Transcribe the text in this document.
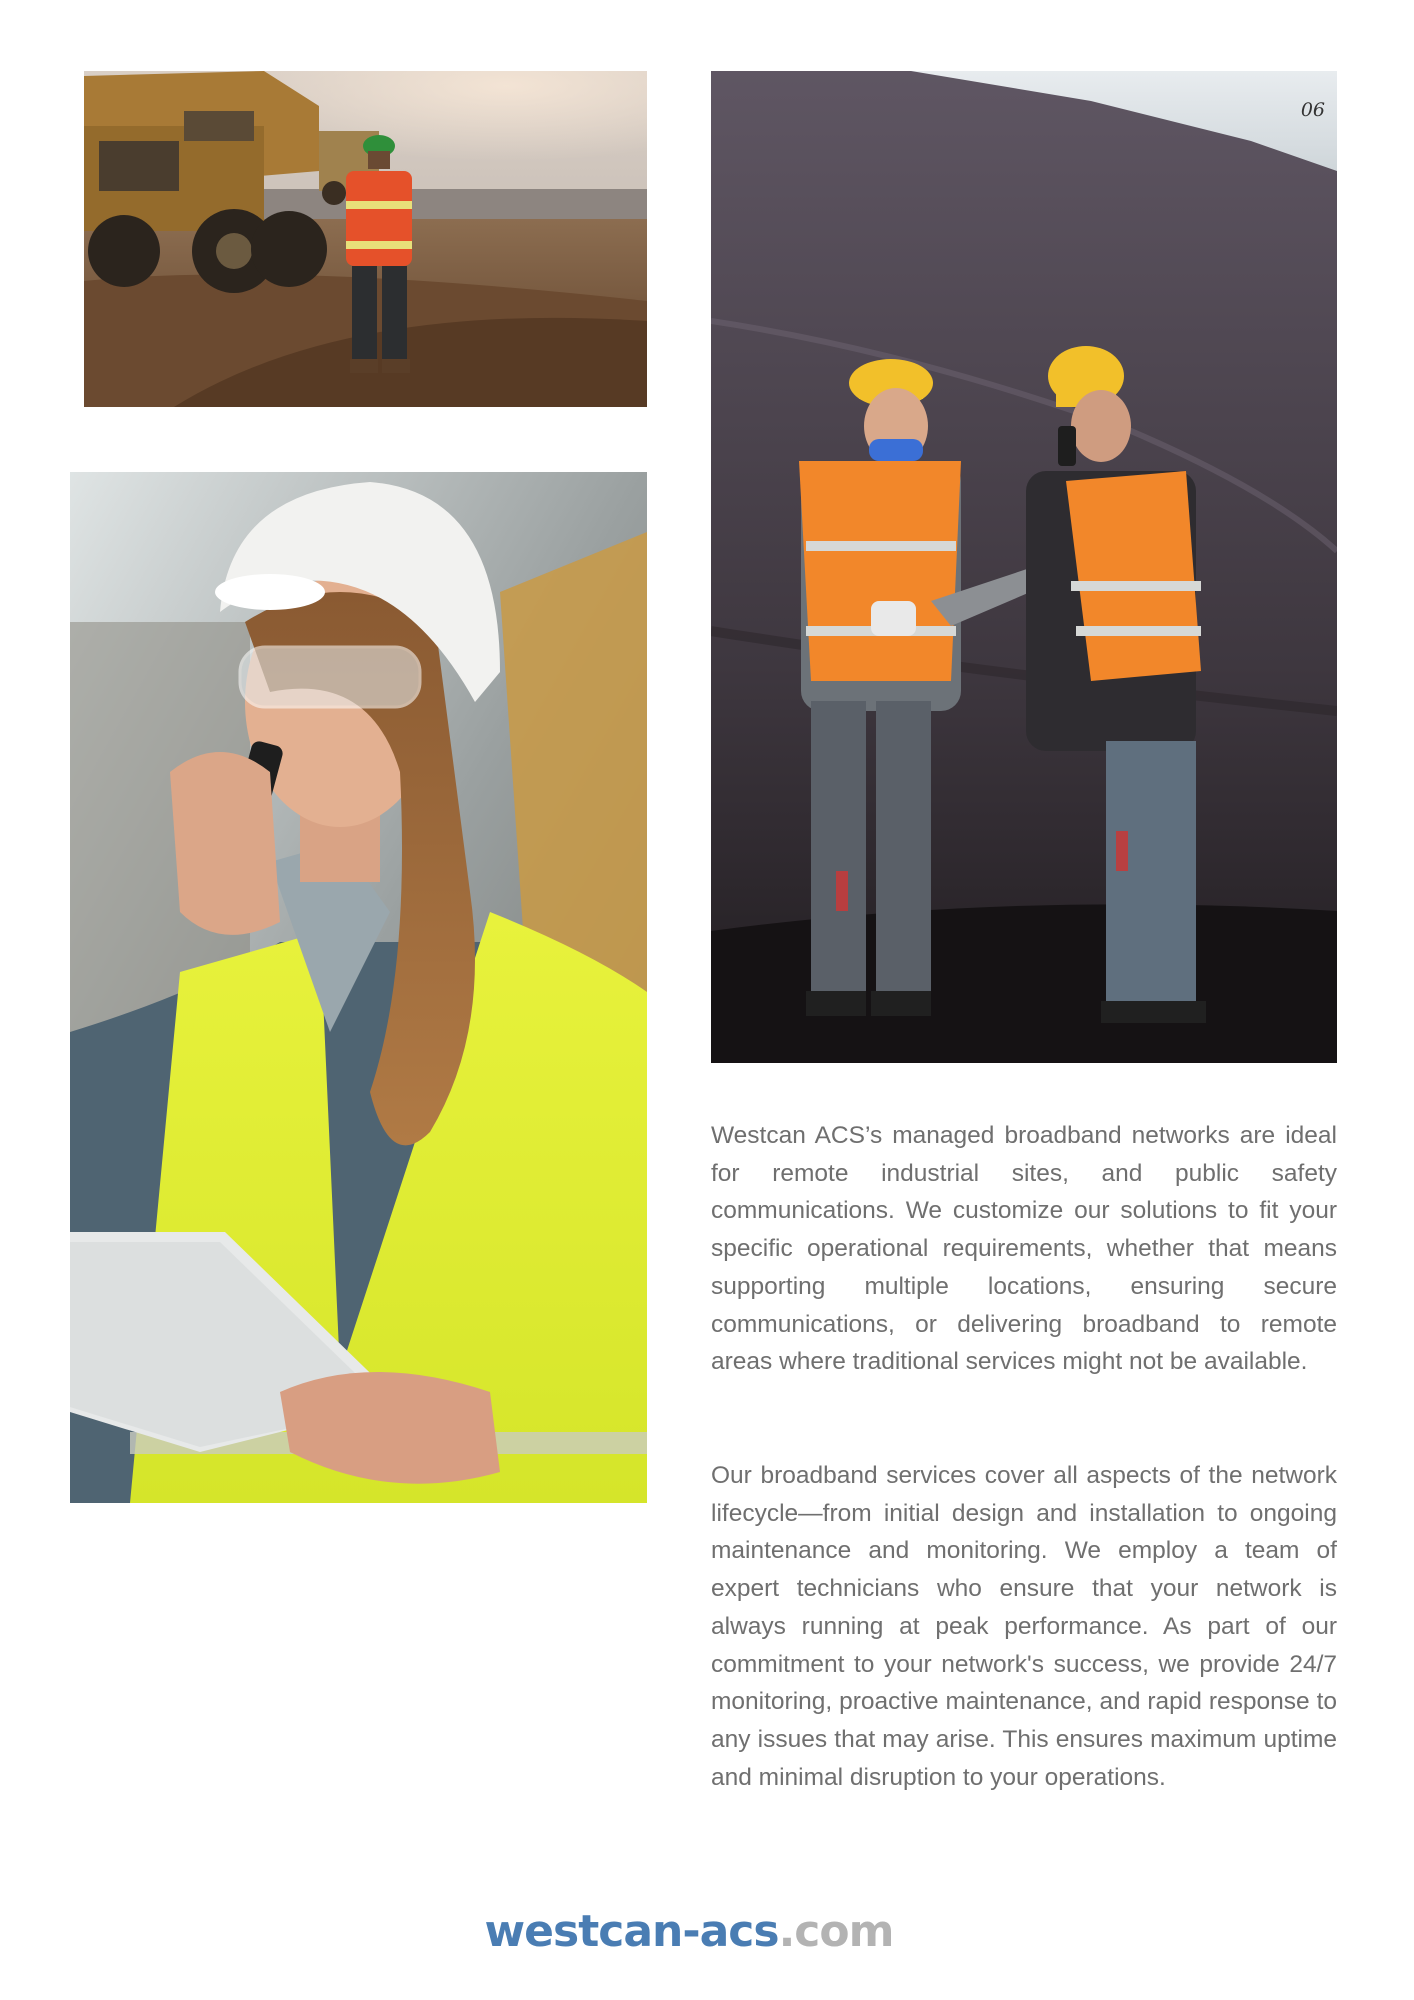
06

Westcan ACS’s managed broadband networks are ideal for remote industrial sites, and public safety communications. We customize our solutions to fit your specific operational requirements, whether that means supporting multiple locations, ensuring secure communications, or delivering broadband to remote areas where traditional services might not be available.

Our broadband services cover all aspects of the network lifecycle—from initial design and installation to ongoing maintenance and monitoring. We employ a team of expert technicians who ensure that your network is always running at peak performance. As part of our commitment to your network's success, we provide 24/7 monitoring, proactive maintenance, and rapid response to any issues that may arise. This ensures maximum uptime and minimal disruption to your operations.

westcan-acs.com
